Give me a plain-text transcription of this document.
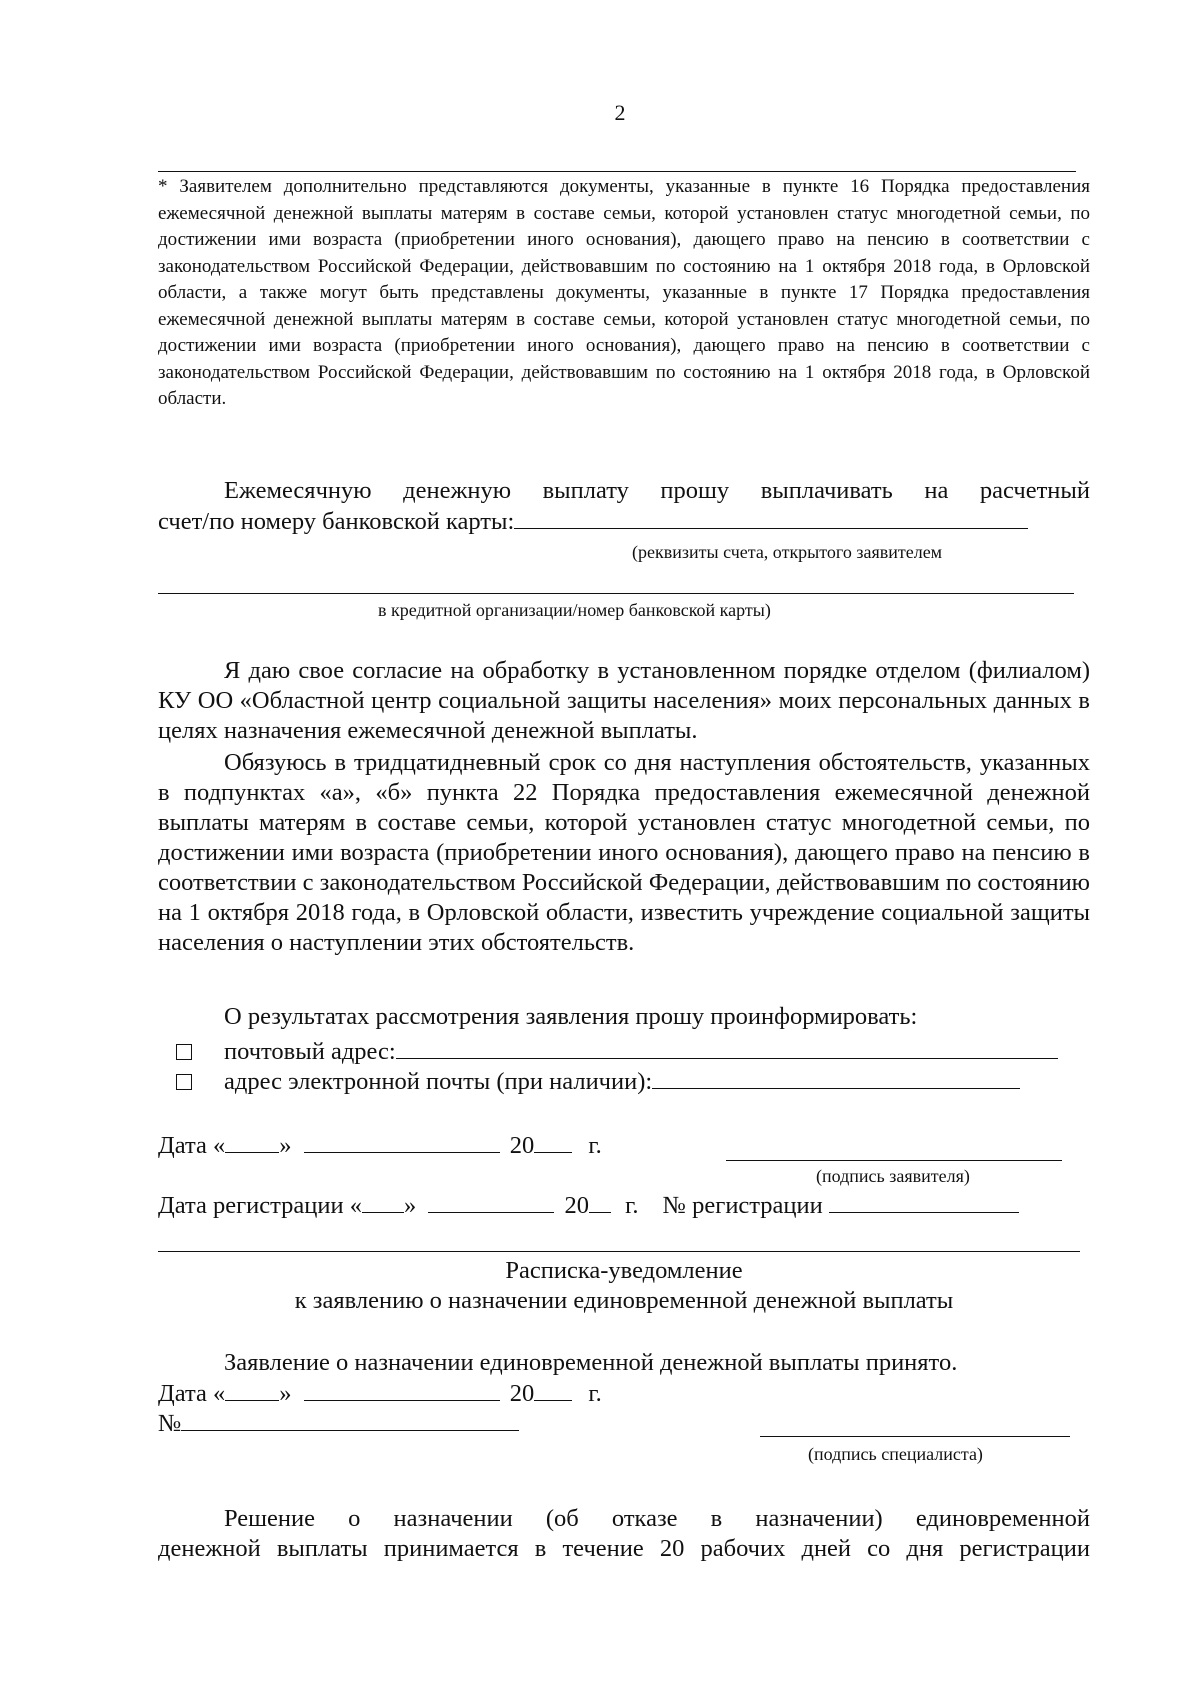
2
* Заявителем дополнительно представляются документы, указанные в пункте 16 Порядка предоставления ежемесячной денежной выплаты матерям в составе семьи, которой установлен статус многодетной семьи, по достижении ими возраста (приобретении иного основания), дающего право на пенсию в соответствии с законодательством Российской Федерации, действовавшим по состоянию на 1 октября 2018 года, в Орловской области, а также могут быть представлены документы, указанные в пункте 17 Порядка предоставления ежемесячной денежной выплаты матерям в составе семьи, которой установлен статус многодетной семьи, по достижении ими возраста (приобретении иного основания), дающего право на пенсию в соответствии с законодательством Российской Федерации, действовавшим по состоянию на 1 октября 2018 года, в Орловской области.
Ежемесячную денежную выплату прошу выплачивать на расчетный
счет/по номеру банковской карты:
(реквизиты счета, открытого заявителем
в кредитной организации/номер банковской карты)
Я даю свое согласие на обработку в установленном порядке отделом (филиалом) КУ ОО «Областной центр социальной защиты населения» моих персональных данных в целях назначения ежемесячной денежной выплаты.
Обязуюсь в тридцатидневный срок со дня наступления обстоятельств, указанных в подпунктах «а», «б» пункта 22 Порядка предоставления ежемесячной денежной выплаты матерям в составе семьи, которой установлен статус многодетной семьи, по достижении ими возраста (приобретении иного основания), дающего право на пенсию в соответствии с законодательством Российской Федерации, действовавшим по состоянию на 1 октября 2018 года, в Орловской области, известить учреждение социальной защиты населения о наступлении этих обстоятельств.
О результатах рассмотрения заявления прошу проинформировать:
почтовый адрес:
адрес электронной почты (при наличии):
Дата « »	20 г.
(подпись заявителя)
Дата регистрации « »	20 г. № регистрации
Расписка-уведомление
к заявлению о назначении единовременной денежной выплаты
Заявление о назначении единовременной денежной выплаты принято.
Дата « »	20 г.
№
(подпись специалиста)
Решение о назначении (об отказе в назначении) единовременной
денежной выплаты принимается в течение 20 рабочих дней со дня регистрации
